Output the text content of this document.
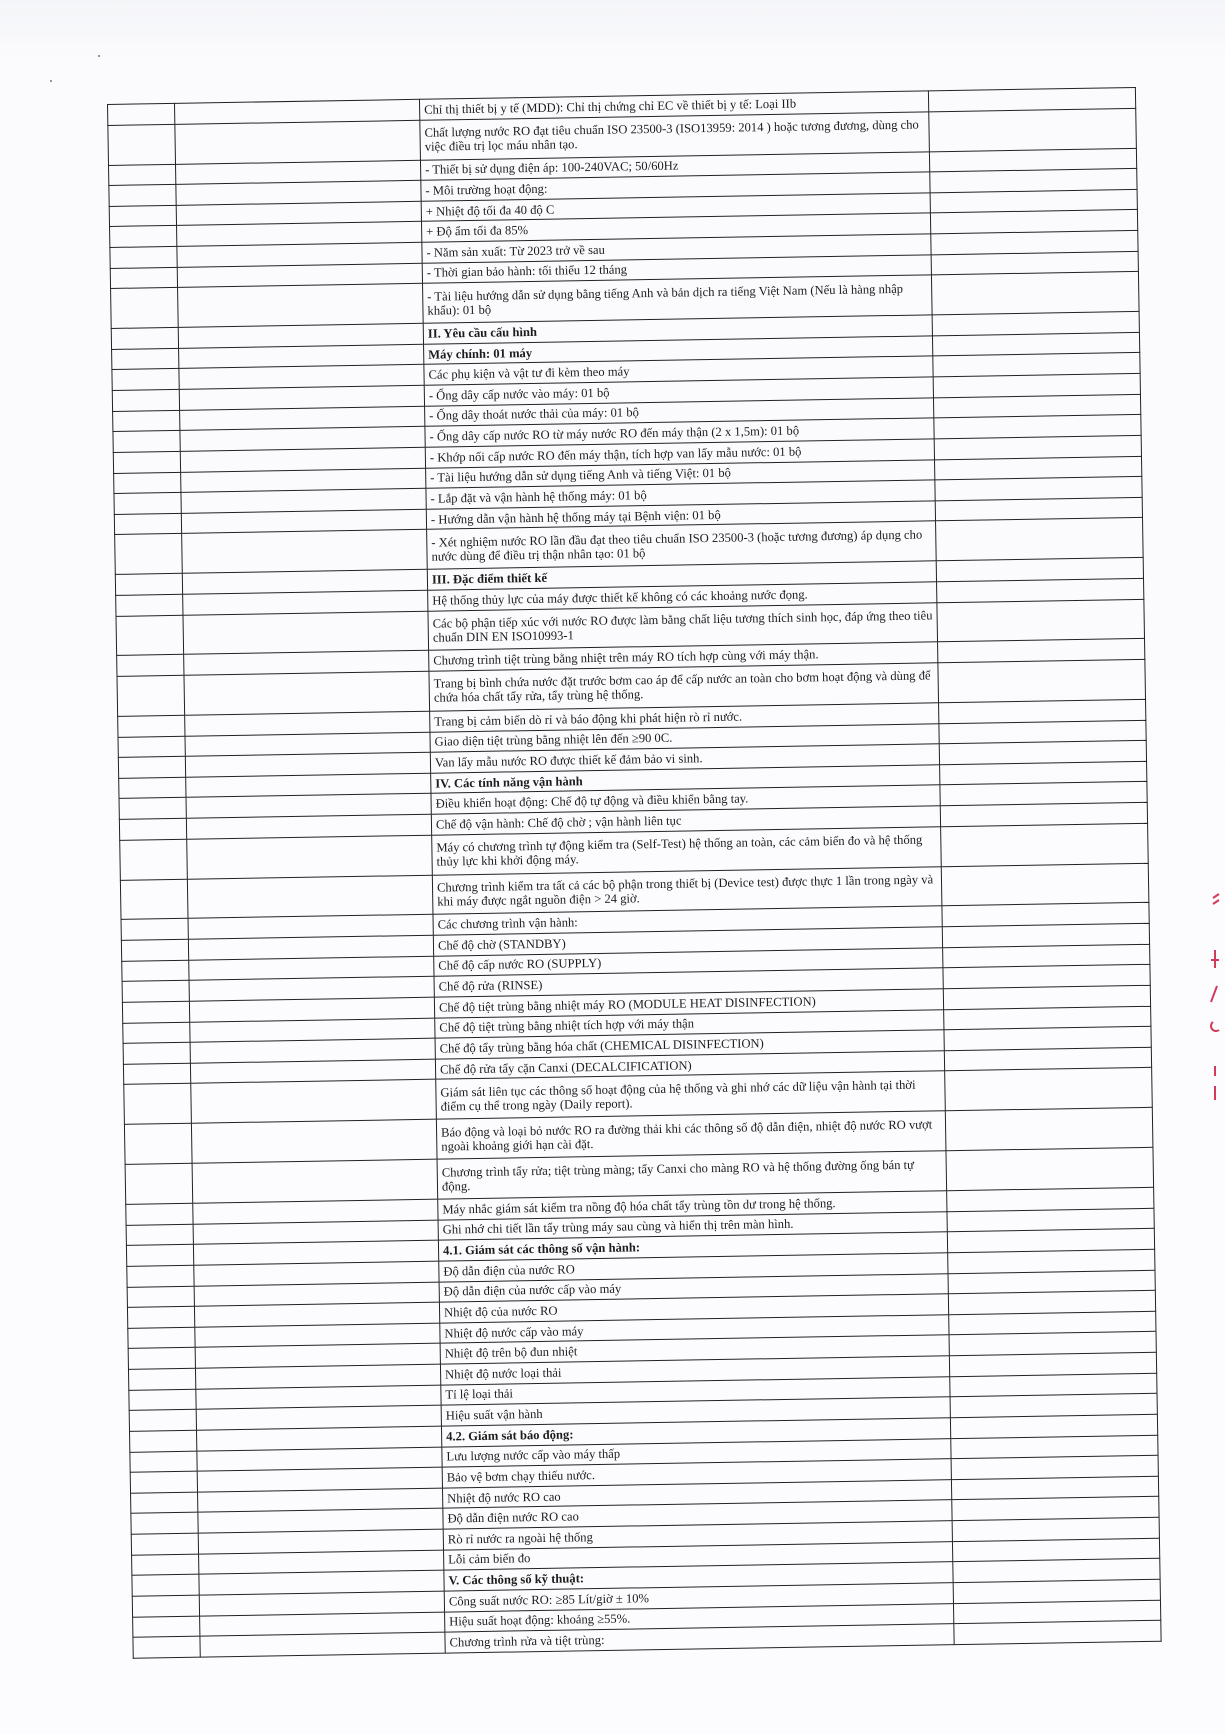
		Chỉ thị thiết bị y tế (MDD): Chỉ thị chứng chỉ EC về thiết bị y tế: Loại IIb	
		Chất lượng nước RO đạt tiêu chuẩn ISO 23500-3 (ISO13959: 2014 ) hoặc tương đương, dùng cho việc điều trị lọc máu nhân tạo.	
		- Thiết bị sử dụng điện áp: 100-240VAC; 50/60Hz	
		- Môi trường hoạt động:	
		+ Nhiệt độ tối đa 40 độ C	
		+ Độ ẩm tối đa 85%	
		- Năm sản xuất: Từ 2023 trở về sau	
		- Thời gian bảo hành: tối thiểu 12 tháng	
		- Tài liệu hướng dẫn sử dụng bằng tiếng Anh và bản dịch ra tiếng Việt Nam (Nếu là hàng nhập khẩu): 01 bộ	
		II. Yêu cầu cấu hình	
		Máy chính: 01 máy	
		Các phụ kiện và vật tư đi kèm theo máy	
		- Ống dây cấp nước vào máy: 01 bộ	
		- Ống dây thoát nước thải của máy: 01 bộ	
		- Ống dây cấp nước RO từ máy nước RO đến máy thận (2 x 1,5m): 01 bộ	
		- Khớp nối cấp nước RO đến máy thận, tích hợp van lấy mẫu nước: 01 bộ	
		- Tài liệu hướng dẫn sử dụng tiếng Anh và tiếng Việt: 01 bộ	
		- Lắp đặt và vận hành hệ thống máy: 01 bộ	
		- Hướng dẫn vận hành hệ thống máy tại Bệnh viện: 01 bộ	
		- Xét nghiệm nước RO lần đầu đạt theo tiêu chuẩn ISO 23500-3 (hoặc tương đương) áp dụng cho nước dùng để điều trị thận nhân tạo: 01 bộ	
		III. Đặc điểm thiết kế	
		Hệ thống thủy lực của máy được thiết kế không có các khoảng nước đọng.	
		Các bộ phận tiếp xúc với nước RO được làm bằng chất liệu tương thích sinh học, đáp ứng theo tiêu chuẩn DIN EN ISO10993-1	
		Chương trình tiệt trùng bằng nhiệt trên máy RO tích hợp cùng với máy thận.	
		Trang bị bình chứa nước đặt trước bơm cao áp để cấp nước an toàn cho bơm hoạt động và dùng để chứa hóa chất tẩy rửa, tẩy trùng hệ thống.	
		Trang bị cảm biến dò rỉ và báo động khi phát hiện rò rỉ nước.	
		Giao diện tiệt trùng bằng nhiệt lên đến ≥90 0C.	
		Van lấy mẫu nước RO được thiết kế đảm bảo vi sinh.	
		IV. Các tính năng vận hành	
		Điều khiển hoạt động: Chế độ tự động và điều khiển bằng tay.	
		Chế độ vận hành: Chế độ chờ ; vận hành liên tục	
		Máy có chương trình tự động kiểm tra (Self-Test) hệ thống an toàn, các cảm biến đo và hệ thống thủy lực khi khởi động máy.	
		Chương trình kiểm tra tất cả các bộ phận trong thiết bị (Device test) được thực 1 lần trong ngày và khi máy được ngắt nguồn điện > 24 giờ.	
		Các chương trình vận hành:	
		Chế độ chờ (STANDBY)	
		Chế độ cấp nước RO (SUPPLY)	
		Chế độ rửa (RINSE)	
		Chế độ tiệt trùng bằng nhiệt máy RO (MODULE HEAT DISINFECTION)	
		Chế độ tiệt trùng bằng nhiệt tích hợp với máy thận	
		Chế độ tẩy trùng bằng hóa chất (CHEMICAL DISINFECTION)	
		Chế độ rửa tẩy cặn Canxi (DECALCIFICATION)	
		Giám sát liên tục các thông số hoạt động của hệ thống và ghi nhớ các dữ liệu vận hành tại thời điểm cụ thể trong ngày (Daily report).	
		Báo động và loại bỏ nước RO ra đường thải khi các thông số độ dẫn điện, nhiệt độ nước RO vượt ngoài khoảng giới hạn cài đặt.	
		Chương trình tẩy rửa; tiệt trùng màng; tẩy Canxi cho màng RO và hệ thống đường ống bán tự động.	
		Máy nhắc giám sát kiểm tra nồng độ hóa chất tẩy trùng tồn dư trong hệ thống.	
		Ghi nhớ chi tiết lần tẩy trùng máy sau cùng và hiển thị trên màn hình.	
		4.1. Giám sát các thông số vận hành:	
		Độ dẫn điện của nước RO	
		Độ dẫn điện của nước cấp vào máy	
		Nhiệt độ của nước RO	
		Nhiệt độ nước cấp vào máy	
		Nhiệt độ trên bộ đun nhiệt	
		Nhiệt độ nước loại thải	
		Tỉ lệ loại thải	
		Hiệu suất vận hành	
		4.2. Giám sát báo động:	
		Lưu lượng nước cấp vào máy thấp	
		Bảo vệ bơm chạy thiếu nước.	
		Nhiệt độ nước RO cao	
		Độ dẫn điện nước RO cao	
		Rò rỉ nước ra ngoài hệ thống	
		Lỗi cảm biến đo	
		V. Các thông số kỹ thuật:	
		Công suất nước RO: ≥85 Lít/giờ ± 10%	
		Hiệu suất hoạt động: khoảng ≥55%.	
		Chương trình rửa và tiệt trùng:	
